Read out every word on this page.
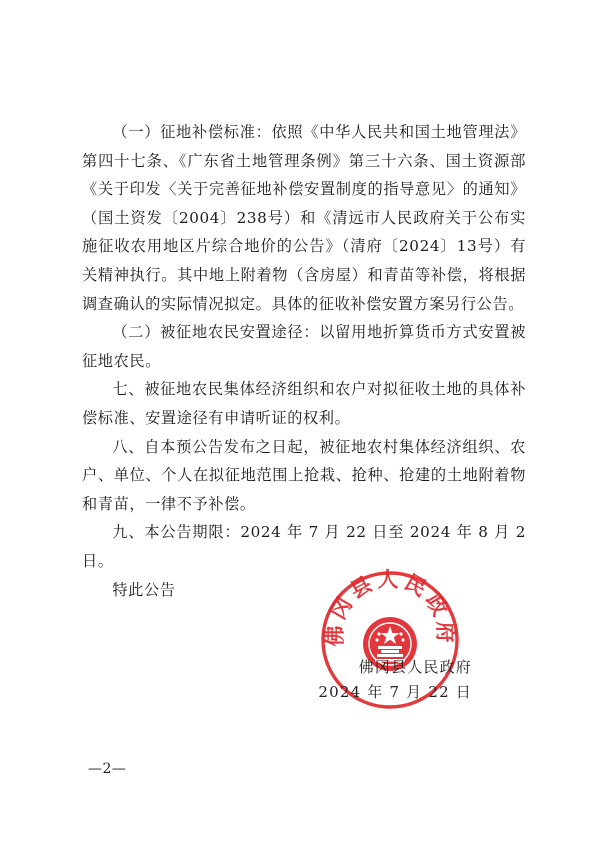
（一）征地补偿标准：依照《中华人民共和国土地管理法》第四十七条、《广东省土地管理条例》第三十六条、国土资源部《关于印发〈关于完善征地补偿安置制度的指导意见〉的通知》（国土资发〔2004〕238号）和《清远市人民政府关于公布实施征收农用地区片综合地价的公告》（清府〔2024〕13号）有关精神执行。其中地上附着物（含房屋）和青苗等补偿，将根据调查确认的实际情况拟定。具体的征收补偿安置方案另行公告。

（二）被征地农民安置途径：以留用地折算货币方式安置被征地农民。

七、被征地农民集体经济组织和农户对拟征收土地的具体补偿标准、安置途径有申请听证的权利。

八、自本预公告发布之日起，被征地农村集体经济组织、农户、单位、个人在拟征地范围上抢栽、抢种、抢建的土地附着物和青苗，一律不予补偿。

九、本公告期限：2024 年 7 月 22 日至 2024 年 8 月 2 日。

特此公告

佛冈县人民政府
佛冈县人民政府
2024 年 7 月 22 日
—2—
